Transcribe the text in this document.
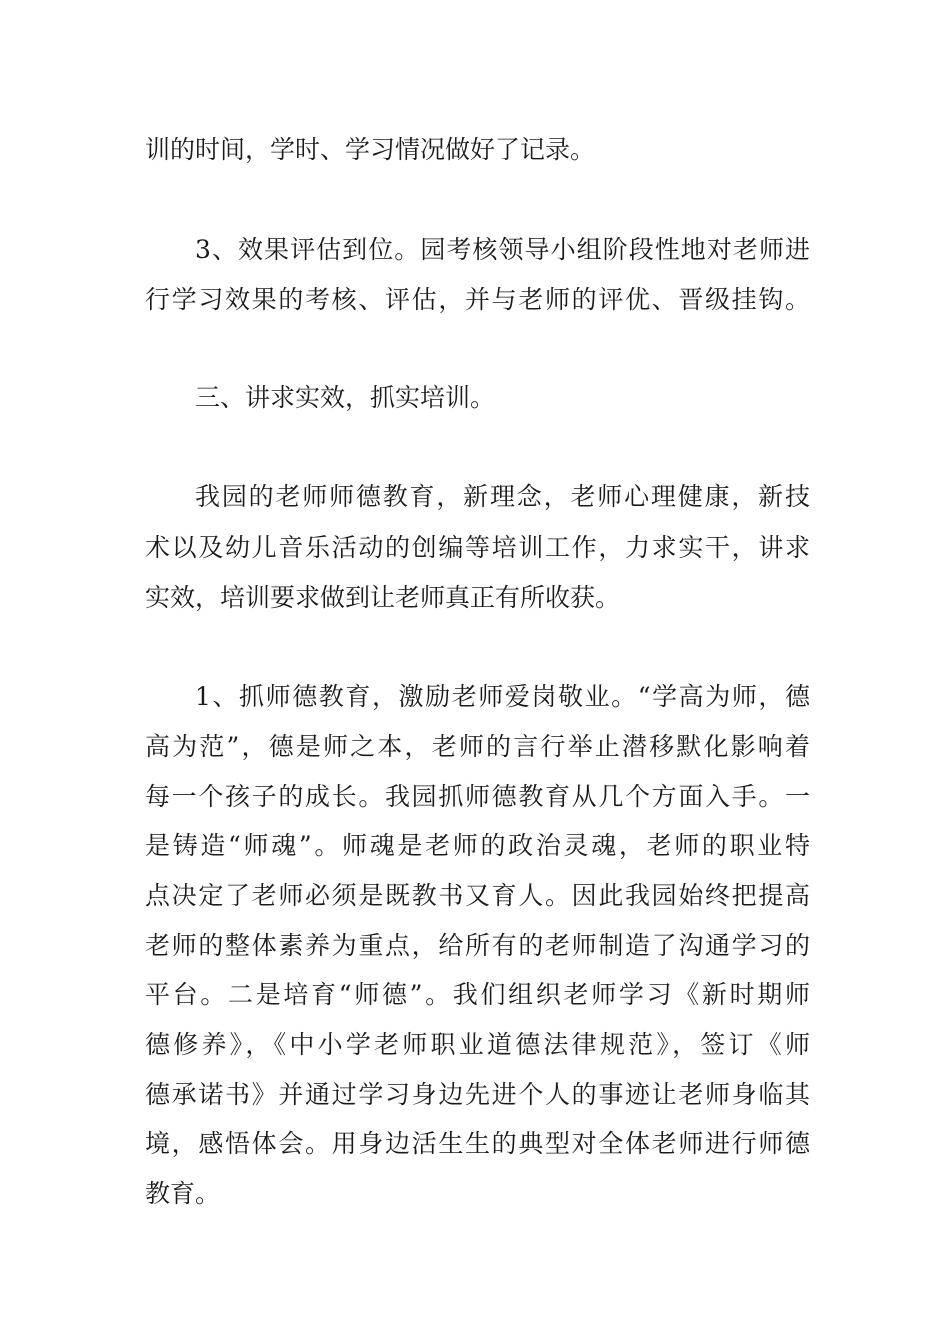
训的时间，学时、学习情况做好了记录。
3、效果评估到位。园考核领导小组阶段性地对老师进
行学习效果的考核、评估，并与老师的评优、晋级挂钩。
三、讲求实效，抓实培训。
我园的老师师德教育，新理念，老师心理健康，新技
术以及幼儿音乐活动的创编等培训工作，力求实干，讲求
实效，培训要求做到让老师真正有所收获。
1、抓师德教育，激励老师爱岗敬业。“学高为师，德
高为范”，德是师之本，老师的言行举止潜移默化影响着
每一个孩子的成长。我园抓师德教育从几个方面入手。一
是铸造“师魂”。师魂是老师的政治灵魂，老师的职业特
点决定了老师必须是既教书又育人。因此我园始终把提高
老师的整体素养为重点，给所有的老师制造了沟通学习的
平台。二是培育“师德”。我们组织老师学习《新时期师
德修养》，《中小学老师职业道德法律规范》，签订《师
德承诺书》并通过学习身边先进个人的事迹让老师身临其
境，感悟体会。用身边活生生的典型对全体老师进行师德
教育。
